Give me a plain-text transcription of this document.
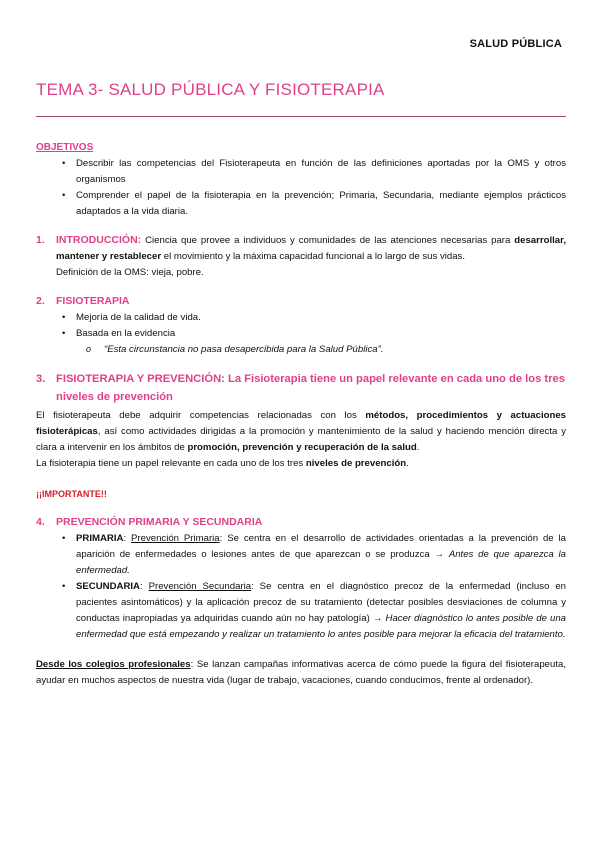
SALUD PÚBLICA
TEMA 3- SALUD PÚBLICA Y FISIOTERAPIA
OBJETIVOS
• Describir las competencias del Fisioterapeuta en función de las definiciones aportadas por la OMS y otros organismos
• Comprender el papel de la fisioterapia en la prevención; Primaria, Secundaria, mediante ejemplos prácticos adaptados a la vida diaria.
1. INTRODUCCIÓN: Ciencia que provee a individuos y comunidades de las atenciones necesarias para desarrollar, mantener y restablecer el movimiento y la máxima capacidad funcional a lo largo de sus vidas.
Definición de la OMS: vieja, pobre.
2. FISIOTERAPIA
• Mejoría de la calidad de vida.
• Basada en la evidencia
o “Esta circunstancia no pasa desapercibida para la Salud Pública”.
3. FISIOTERAPIA Y PREVENCIÓN: La Fisioterapia tiene un papel relevante en cada uno de los tres niveles de prevención
El fisioterapeuta debe adquirir competencias relacionadas con los métodos, procedimientos y actuaciones fisioterápicas, así como actividades dirigidas a la promoción y mantenimiento de la salud y haciendo mención directa y clara a intervenir en los ámbitos de promoción, prevención y recuperación de la salud.
La fisioterapia tiene un papel relevante en cada uno de los tres niveles de prevención.
¡¡IMPORTANTE!!
4. PREVENCIÓN PRIMARIA Y SECUNDARIA
• PRIMARIA: Prevención Primaria: Se centra en el desarrollo de actividades orientadas a la prevención de la aparición de enfermedades o lesiones antes de que aparezcan o se produzca → Antes de que aparezca la enfermedad.
• SECUNDARIA: Prevención Secundaria: Se centra en el diagnóstico precoz de la enfermedad (incluso en pacientes asintomáticos) y la aplicación precoz de su tratamiento (detectar posibles desviaciones de columna y conductas inapropiadas ya adquiridas cuando aún no hay patología) → Hacer diagnóstico lo antes posible de una enfermedad que está empezando y realizar un tratamiento lo antes posible para mejorar la eficacia del tratamiento.
Desde los colegios profesionales: Se lanzan campañas informativas acerca de cómo puede la figura del fisioterapeuta, ayudar en muchos aspectos de nuestra vida (lugar de trabajo, vacaciones, cuando conducimos, frente al ordenador).
